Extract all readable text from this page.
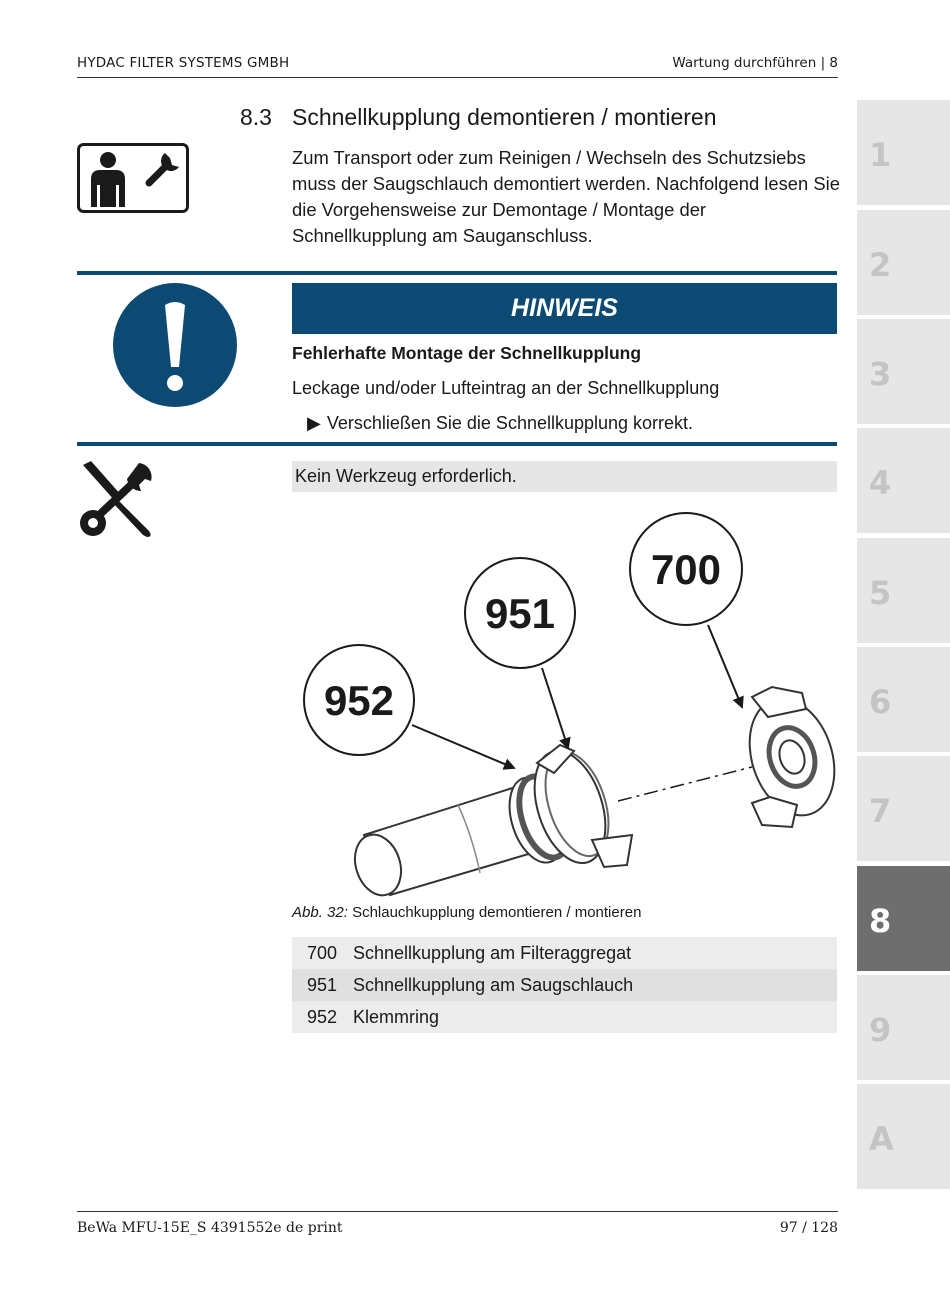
HYDAC FILTER SYSTEMS GMBH	Wartung durchführen | 8
1
2
3
4
5
6
7
8
9
A
8.3 Schnellkupplung demontieren / montieren
Zum Transport oder zum Reinigen / Wechseln des Schutzsiebs muss der Saugschlauch demontiert werden. Nachfolgend lesen Sie die Vorgehensweise zur Demontage / Montage der Schnellkupplung am Sauganschluss.
HINWEIS
Fehlerhafte Montage der Schnellkupplung
Leckage und/oder Lufteintrag an der Schnellkupplung
▶ Verschließen Sie die Schnellkupplung korrekt.
Kein Werkzeug erforderlich.
952
951
700
Abb. 32: Schlauchkupplung demontieren / montieren
700 Schnellkupplung am Filteraggregat
951 Schnellkupplung am Saugschlauch
952 Klemmring
BeWa MFU-15E_S 4391552e de print	97 / 128
